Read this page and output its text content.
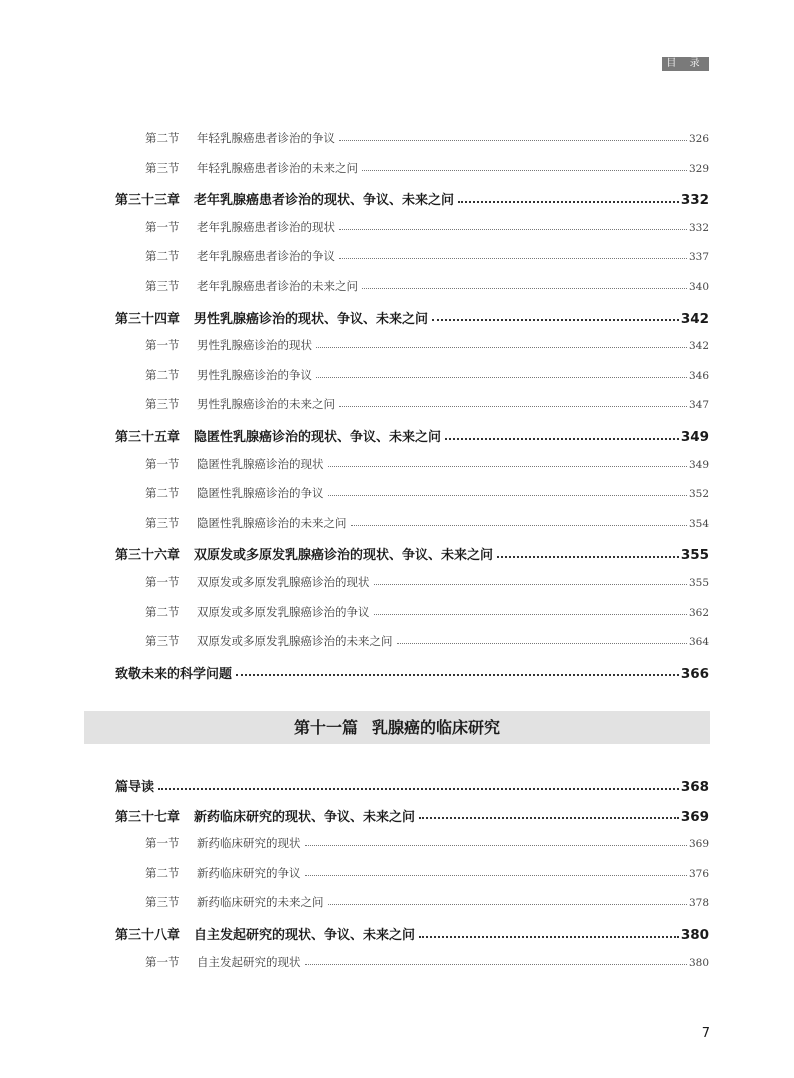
目 录
第二节	年轻乳腺癌患者诊治的争议	326
第三节	年轻乳腺癌患者诊治的未来之问	329
第三十三章	老年乳腺癌患者诊治的现状、争议、未来之问	332
第一节	老年乳腺癌患者诊治的现状	332
第二节	老年乳腺癌患者诊治的争议	337
第三节	老年乳腺癌患者诊治的未来之问	340
第三十四章	男性乳腺癌诊治的现状、争议、未来之问	342
第一节	男性乳腺癌诊治的现状	342
第二节	男性乳腺癌诊治的争议	346
第三节	男性乳腺癌诊治的未来之问	347
第三十五章	隐匿性乳腺癌诊治的现状、争议、未来之问	349
第一节	隐匿性乳腺癌诊治的现状	349
第二节	隐匿性乳腺癌诊治的争议	352
第三节	隐匿性乳腺癌诊治的未来之问	354
第三十六章	双原发或多原发乳腺癌诊治的现状、争议、未来之问	355
第一节	双原发或多原发乳腺癌诊治的现状	355
第二节	双原发或多原发乳腺癌诊治的争议	362
第三节	双原发或多原发乳腺癌诊治的未来之问	364
致敬未来的科学问题	366
第十一篇 乳腺癌的临床研究
篇导读	368
第三十七章	新药临床研究的现状、争议、未来之问	369
第一节	新药临床研究的现状	369
第二节	新药临床研究的争议	376
第三节	新药临床研究的未来之问	378
第三十八章	自主发起研究的现状、争议、未来之问	380
第一节	自主发起研究的现状	380
7
